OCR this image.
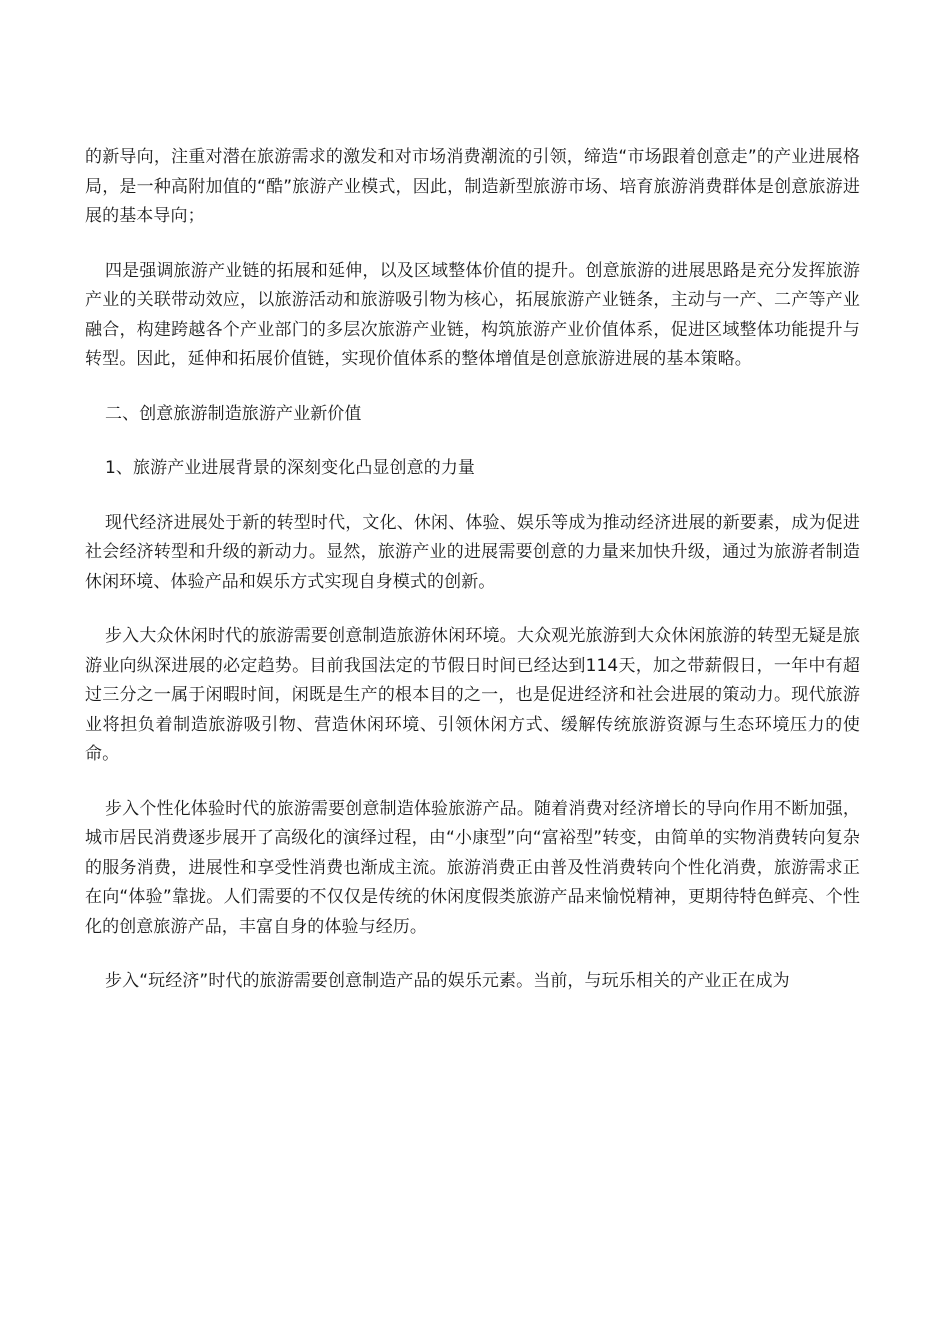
的新导向，注重对潜在旅游需求的激发和对市场消费潮流的引领，缔造“市场跟着创意走”的产业进展格局，是一种高附加值的“酷”旅游产业模式，因此，制造新型旅游市场、培育旅游消费群体是创意旅游进展的基本导向；

四是强调旅游产业链的拓展和延伸，以及区域整体价值的提升。创意旅游的进展思路是充分发挥旅游产业的关联带动效应，以旅游活动和旅游吸引物为核心，拓展旅游产业链条，主动与一产、二产等产业融合，构建跨越各个产业部门的多层次旅游产业链，构筑旅游产业价值体系，促进区域整体功能提升与转型。因此，延伸和拓展价值链，实现价值体系的整体增值是创意旅游进展的基本策略。

二、创意旅游制造旅游产业新价值

1、旅游产业进展背景的深刻变化凸显创意的力量

现代经济进展处于新的转型时代，文化、休闲、体验、娱乐等成为推动经济进展的新要素，成为促进社会经济转型和升级的新动力。显然，旅游产业的进展需要创意的力量来加快升级，通过为旅游者制造休闲环境、体验产品和娱乐方式实现自身模式的创新。

步入大众休闲时代的旅游需要创意制造旅游休闲环境。大众观光旅游到大众休闲旅游的转型无疑是旅游业向纵深进展的必定趋势。目前我国法定的节假日时间已经达到114天，加之带薪假日，一年中有超过三分之一属于闲暇时间，闲既是生产的根本目的之一，也是促进经济和社会进展的策动力。现代旅游业将担负着制造旅游吸引物、营造休闲环境、引领休闲方式、缓解传统旅游资源与生态环境压力的使命。

步入个性化体验时代的旅游需要创意制造体验旅游产品。随着消费对经济增长的导向作用不断加强，城市居民消费逐步展开了高级化的演绎过程，由“小康型”向“富裕型”转变，由简单的实物消费转向复杂的服务消费，进展性和享受性消费也渐成主流。旅游消费正由普及性消费转向个性化消费，旅游需求正在向“体验”靠拢。人们需要的不仅仅是传统的休闲度假类旅游产品来愉悦精神，更期待特色鲜亮、个性化的创意旅游产品，丰富自身的体验与经历。

步入“玩经济”时代的旅游需要创意制造产品的娱乐元素。当前，与玩乐相关的产业正在成为
